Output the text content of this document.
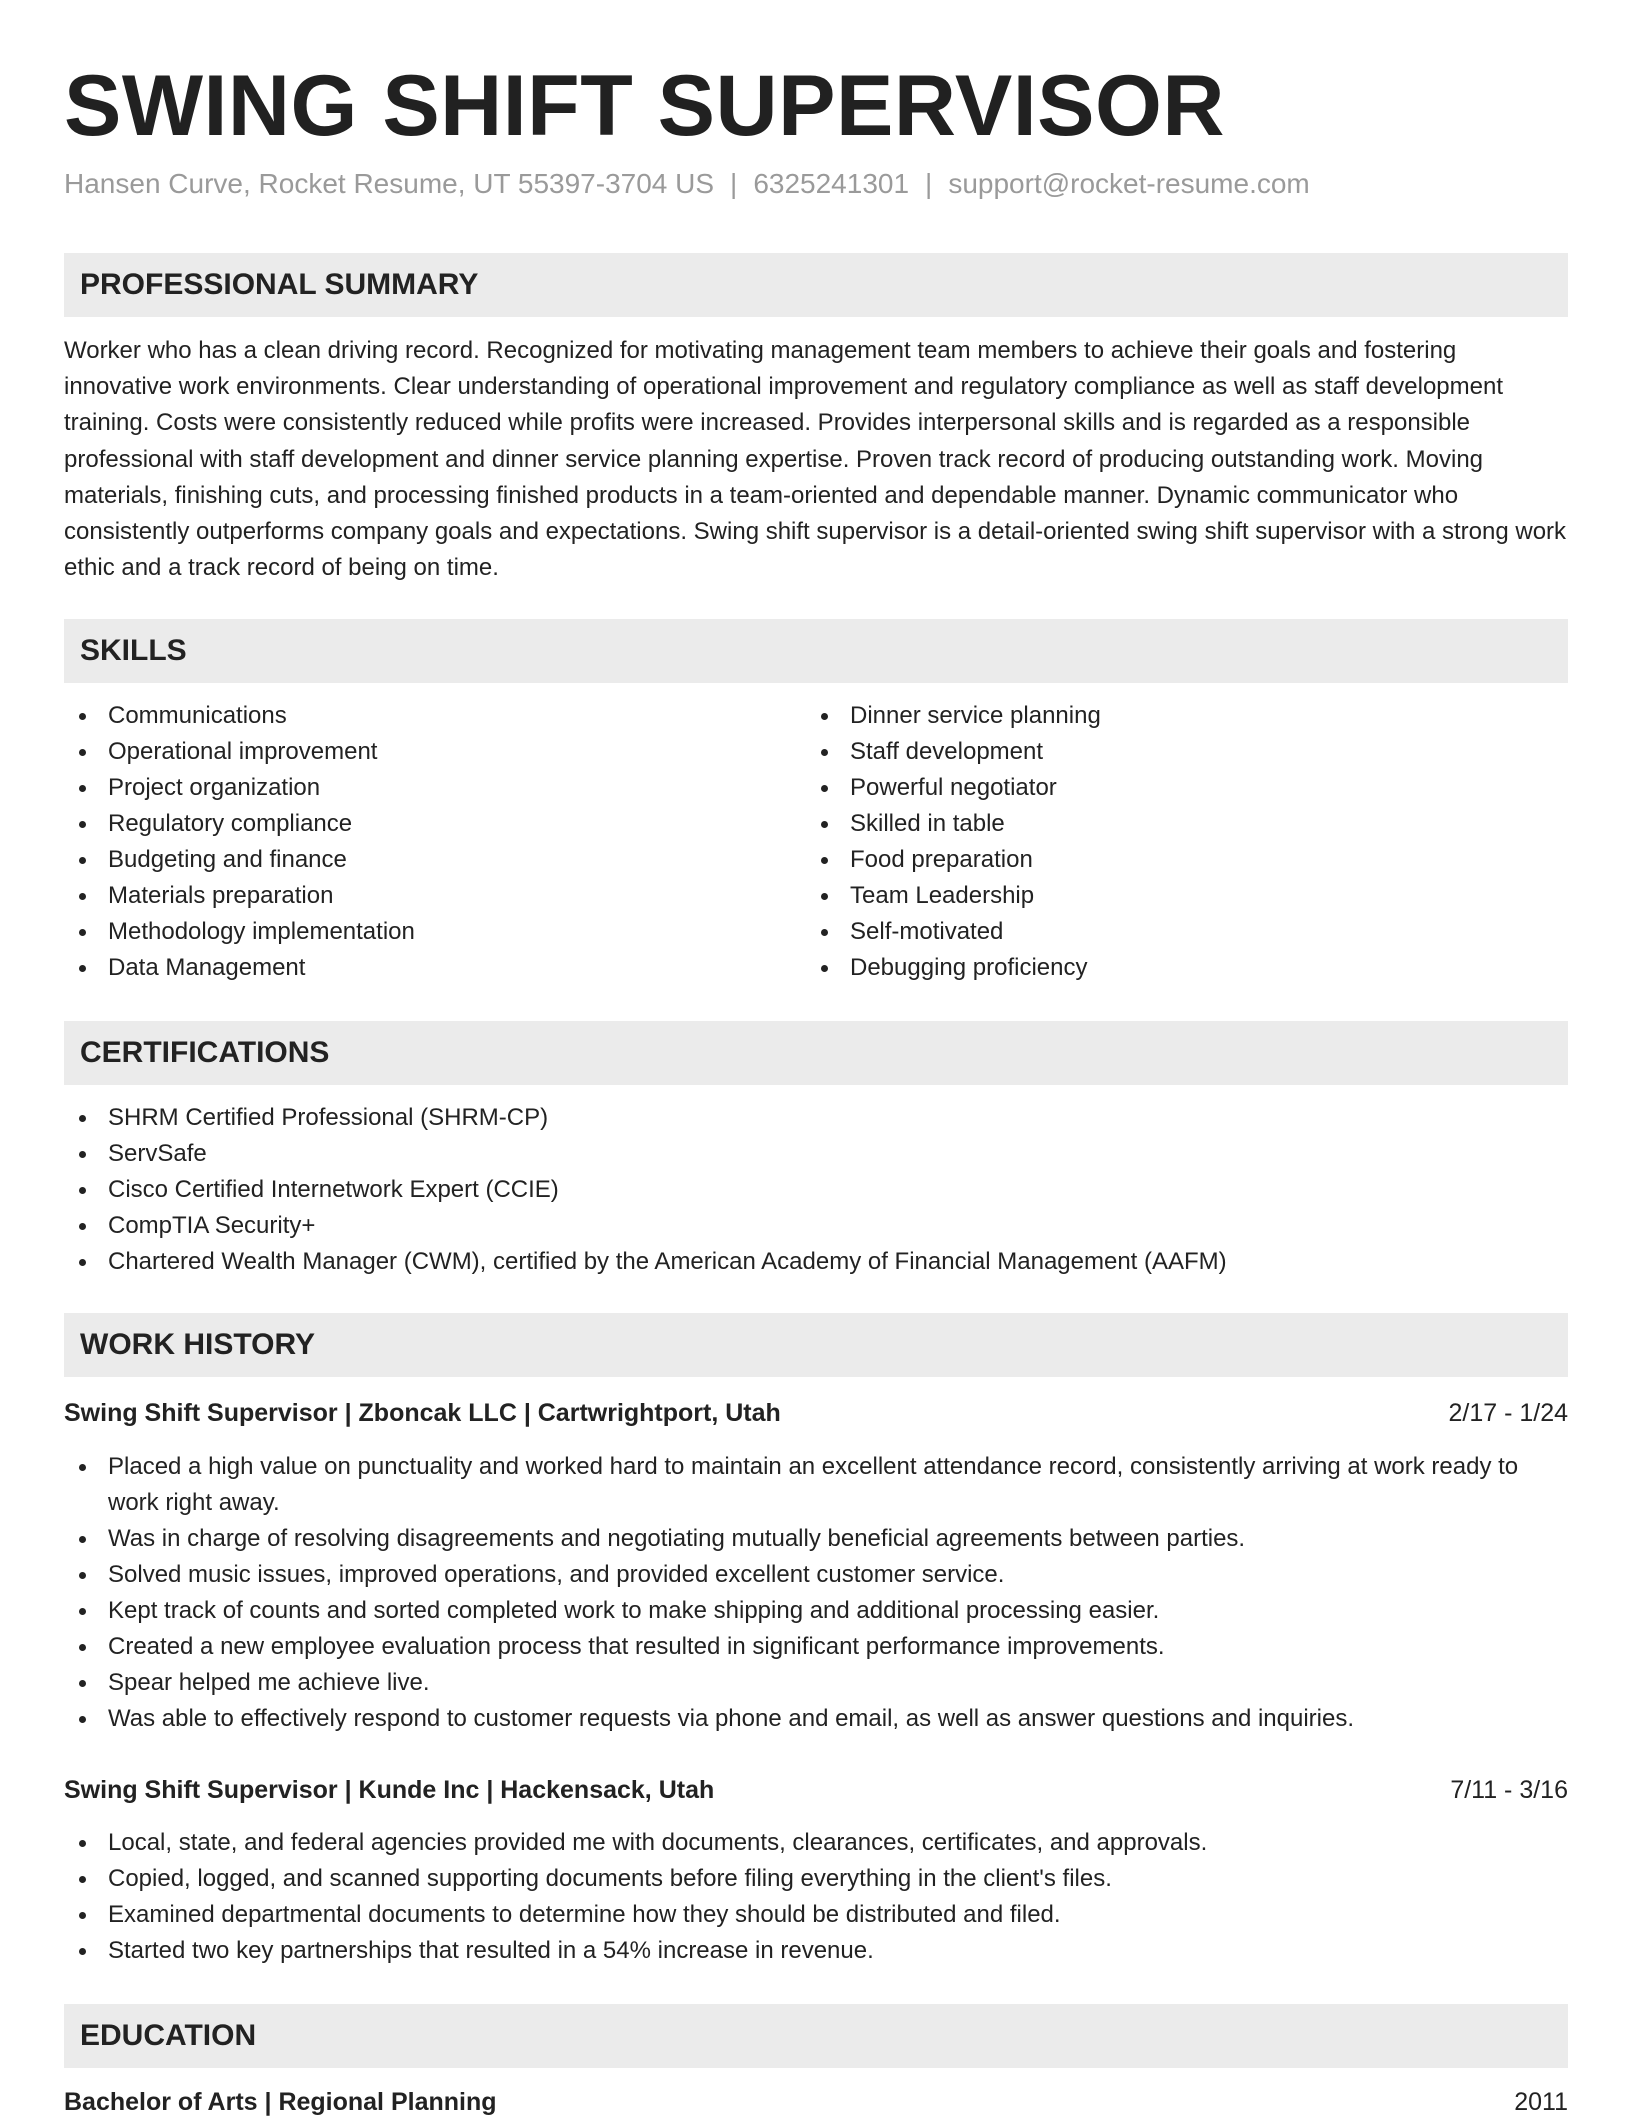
SWING SHIFT SUPERVISOR
Hansen Curve, Rocket Resume, UT 55397-3704 US | 6325241301 | support@rocket-resume.com
PROFESSIONAL SUMMARY

Worker who has a clean driving record. Recognized for motivating management team members to achieve their goals and fostering innovative work environments. Clear understanding of operational improvement and regulatory compliance as well as staff development training. Costs were consistently reduced while profits were increased. Provides interpersonal skills and is regarded as a responsible professional with staff development and dinner service planning expertise. Proven track record of producing outstanding work. Moving materials, finishing cuts, and processing finished products in a team-oriented and dependable manner. Dynamic communicator who consistently outperforms company goals and expectations. Swing shift supervisor is a detail-oriented swing shift supervisor with a strong work ethic and a track record of being on time.

SKILLS
Communications
Operational improvement
Project organization
Regulatory compliance
Budgeting and finance
Materials preparation
Methodology implementation
Data Management
Dinner service planning
Staff development
Powerful negotiator
Skilled in table
Food preparation
Team Leadership
Self-motivated
Debugging proficiency
CERTIFICATIONS
SHRM Certified Professional (SHRM-CP)
ServSafe
Cisco Certified Internetwork Expert (CCIE)
CompTIA Security+
Chartered Wealth Manager (CWM), certified by the American Academy of Financial Management (AAFM)
WORK HISTORY
Swing Shift Supervisor | Zboncak LLC | Cartwrightport, Utah	2/17 - 1/24
Placed a high value on punctuality and worked hard to maintain an excellent attendance record, consistently arriving at work ready to work right away.
Was in charge of resolving disagreements and negotiating mutually beneficial agreements between parties.
Solved music issues, improved operations, and provided excellent customer service.
Kept track of counts and sorted completed work to make shipping and additional processing easier.
Created a new employee evaluation process that resulted in significant performance improvements.
Spear helped me achieve live.
Was able to effectively respond to customer requests via phone and email, as well as answer questions and inquiries.
Swing Shift Supervisor | Kunde Inc | Hackensack, Utah	7/11 - 3/16
Local, state, and federal agencies provided me with documents, clearances, certificates, and approvals.
Copied, logged, and scanned supporting documents before filing everything in the client's files.
Examined departmental documents to determine how they should be distributed and filed.
Started two key partnerships that resulted in a 54% increase in revenue.
EDUCATION
Bachelor of Arts | Regional Planning	2011
